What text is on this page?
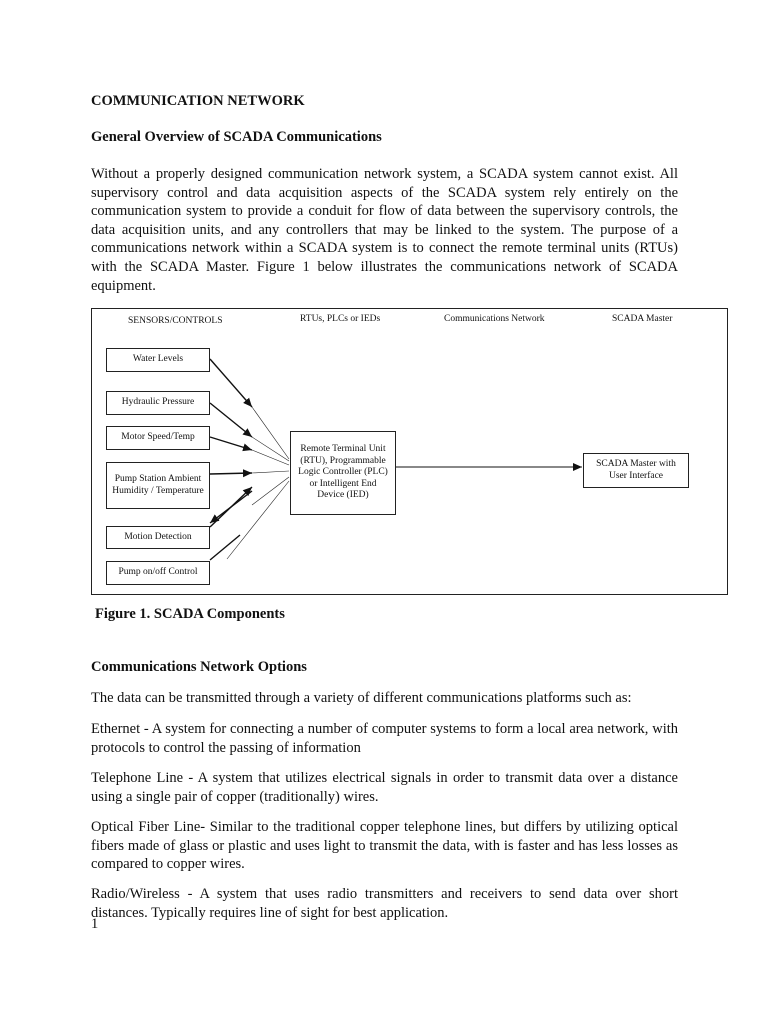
COMMUNICATION NETWORK
General Overview of SCADA Communications

Without a properly designed communication network system, a SCADA system cannot exist. All supervisory control and data acquisition aspects of the SCADA system rely entirely on the communication system to provide a conduit for flow of data between the supervisory controls, the data acquisition units, and any controllers that may be linked to the system. The purpose of a communications network within a SCADA system is to connect the remote terminal units (RTUs) with the SCADA Master. Figure 1 below illustrates the communications network of SCADA equipment.

SENSORS/CONTROLS	RTUs, PLCs or IEDs	Communications Network	SCADA Master
Water Levels
Hydraulic Pressure
Motor Speed/Temp
Pump Station Ambient Humidity / Temperature
Motion Detection
Pump on/off Control
Remote Terminal Unit (RTU), Programmable Logic Controller (PLC) or Intelligent End Device (IED)
SCADA Master with User Interface
Figure 1. SCADA Components
Communications Network Options

The data can be transmitted through a variety of different communications platforms such as:

Ethernet - A system for connecting a number of computer systems to form a local area network, with protocols to control the passing of information

Telephone Line - A system that utilizes electrical signals in order to transmit data over a distance using a single pair of copper (traditionally) wires.

Optical Fiber Line- Similar to the traditional copper telephone lines, but differs by utilizing optical fibers made of glass or plastic and uses light to transmit the data, with is faster and has less losses as compared to copper wires.

Radio/Wireless - A system that uses radio transmitters and receivers to send data over short distances. Typically requires line of sight for best application.

1
